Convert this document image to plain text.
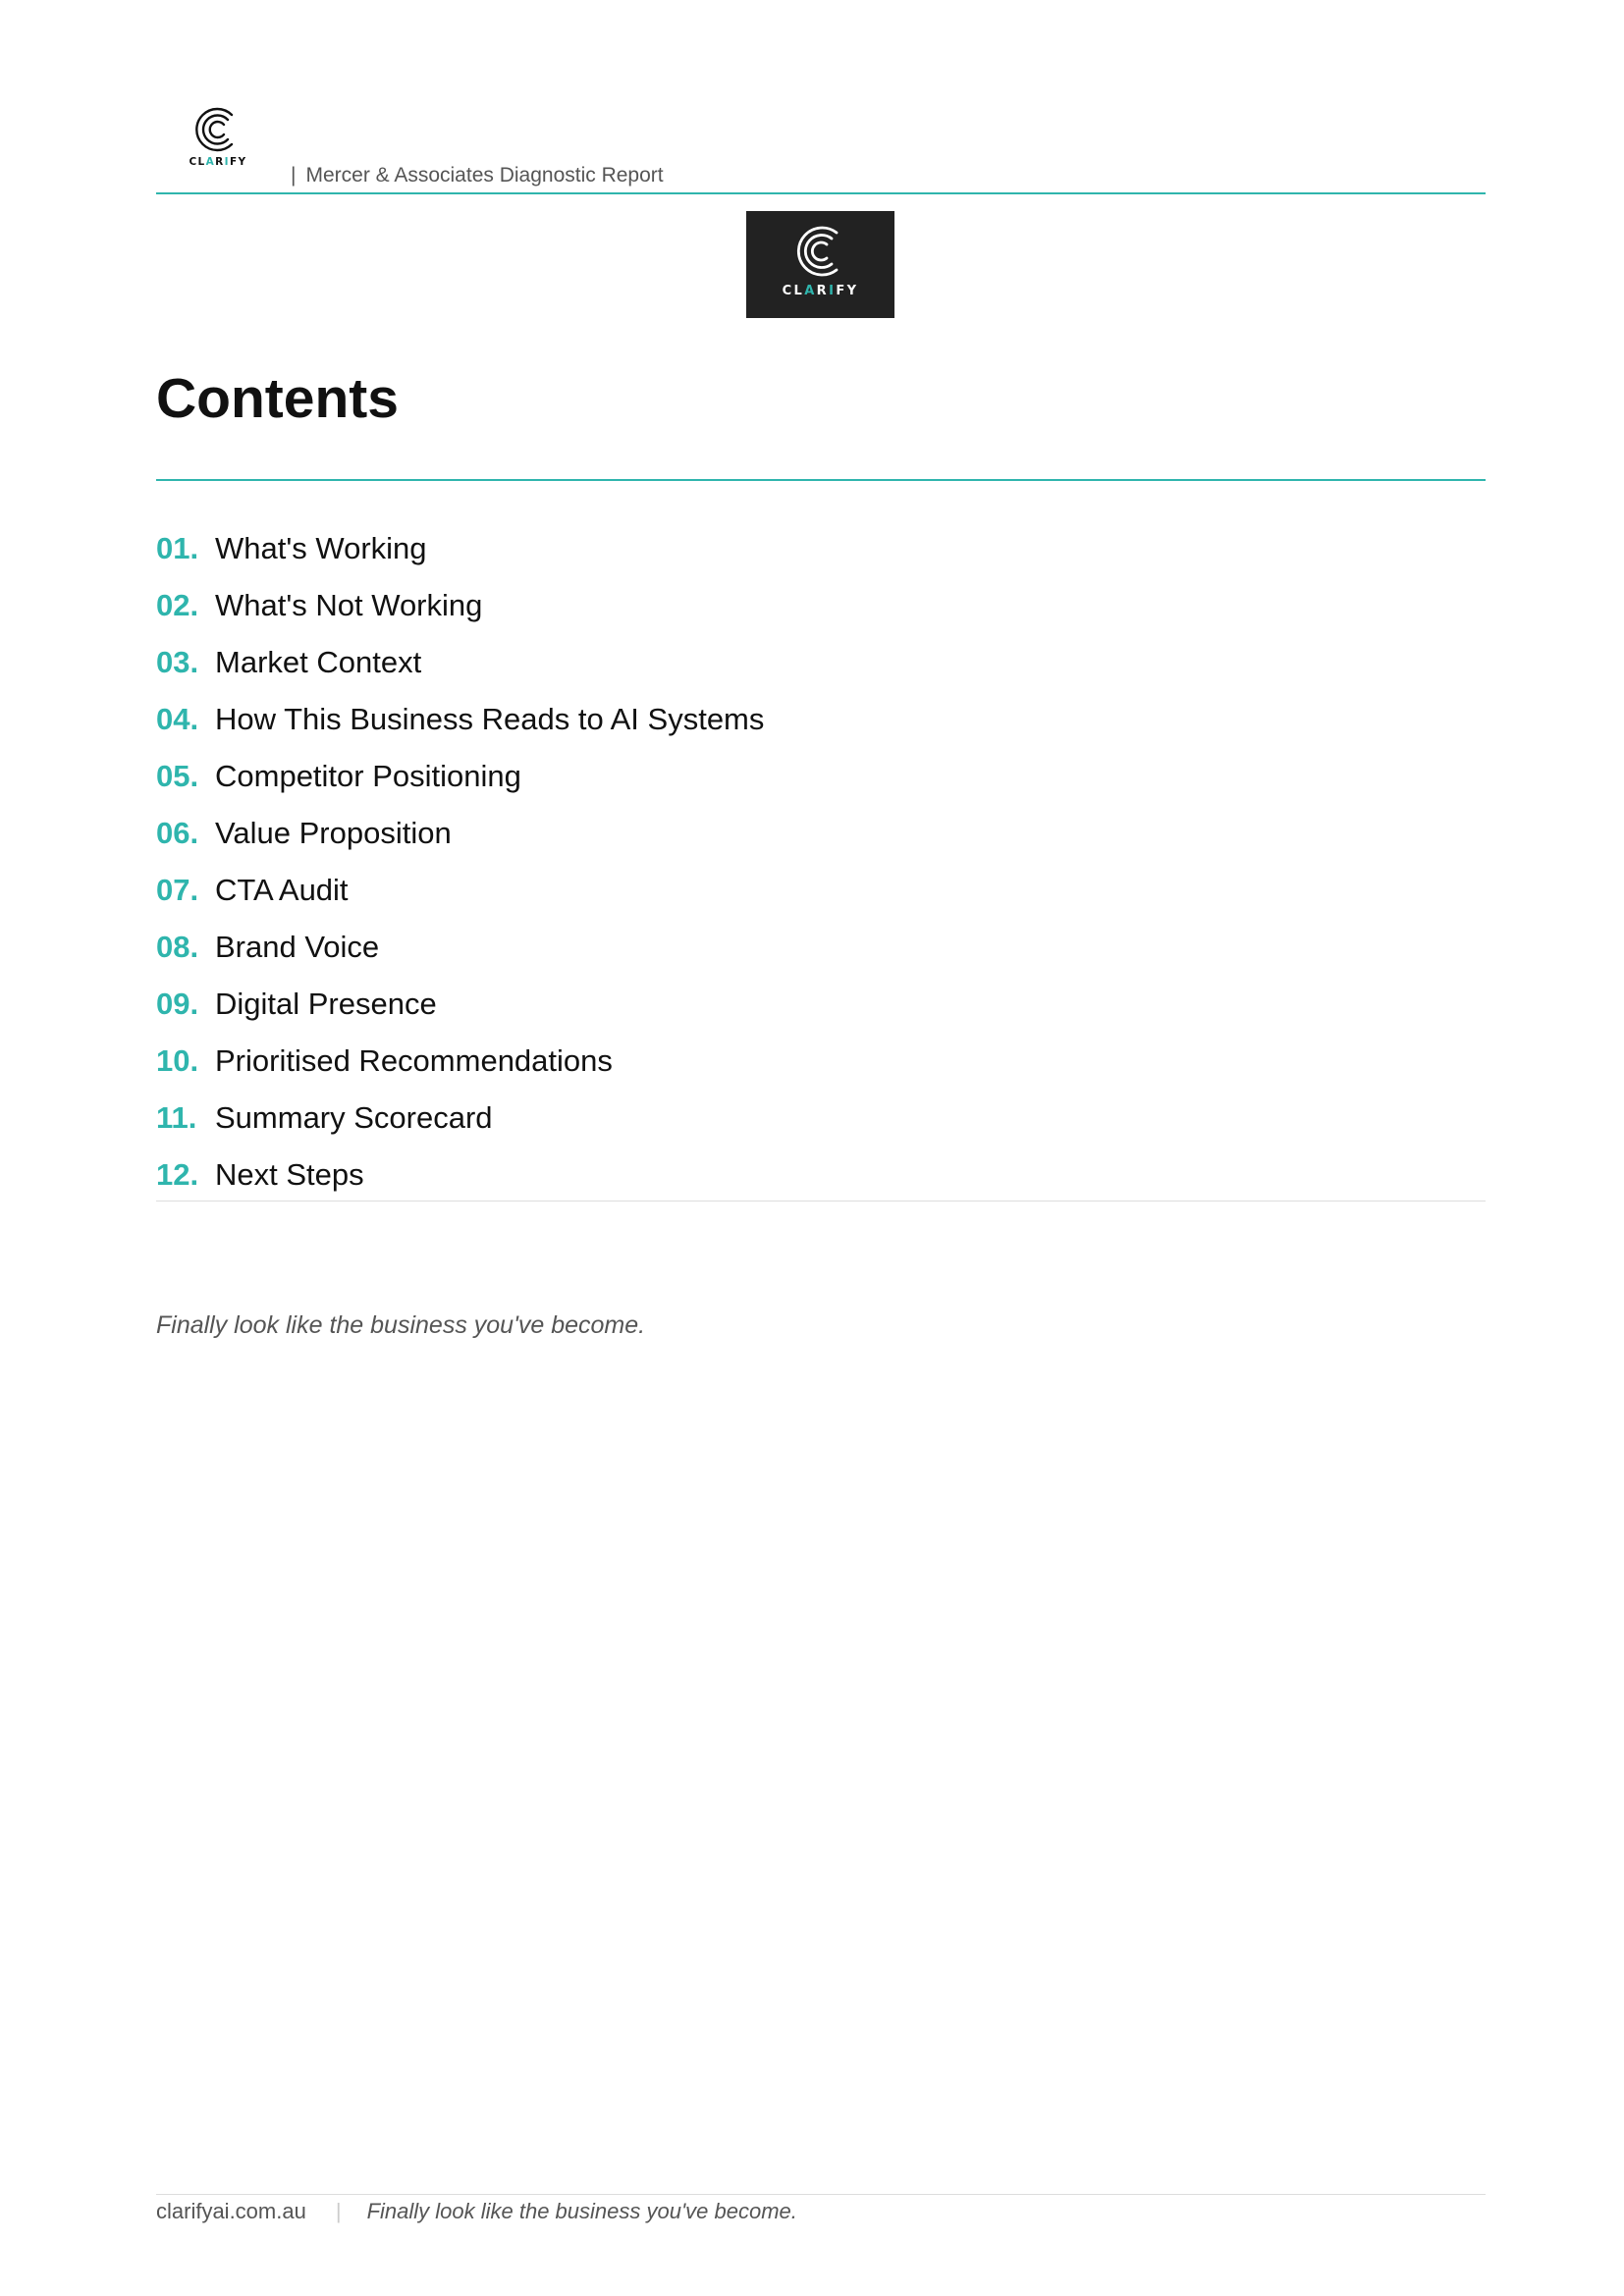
CLARIFY
| Mercer & Associates Diagnostic Report
CLARIFY
Contents
01. What's Working
02. What's Not Working
03. Market Context
04. How This Business Reads to AI Systems
05. Competitor Positioning
06. Value Proposition
07. CTA Audit
08. Brand Voice
09. Digital Presence
10. Prioritised Recommendations
11. Summary Scorecard
12. Next Steps
Finally look like the business you've become.
clarifyai.com.au | Finally look like the business you've become.
